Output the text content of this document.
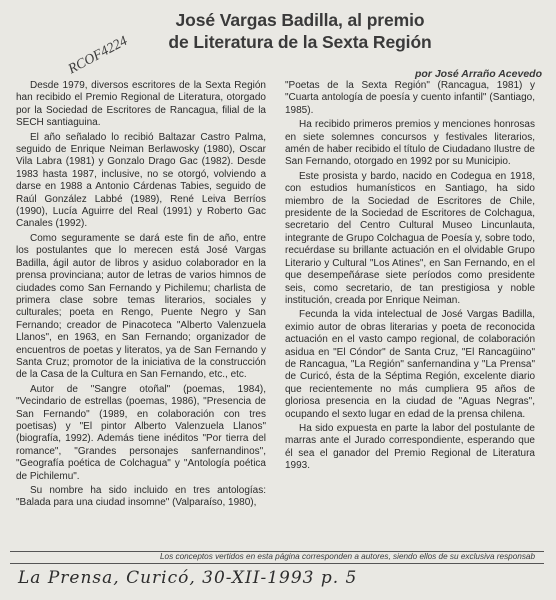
José Vargas Badilla, al premio
de Literatura de la Sexta Región
RCOF4224	por José Arraño Acevedo

Desde 1979, diversos escritores de la Sexta Región han recibido el Premio Regional de Literatura, otorgado por la Sociedad de Escritores de Rancagua, filial de la SECH santiaguina.

El año señalado lo recibió Baltazar Castro Palma, seguido de Enrique Neiman Berlawosky (1980), Oscar Vila Labra (1981) y Gonzalo Drago Gac (1982). Desde 1983 hasta 1987, inclusive, no se otorgó, volviendo a darse en 1988 a Antonio Cárdenas Tabies, seguido de Raúl González Labbé (1989), René Leiva Berríos (1990), Lucía Aguirre del Real (1991) y Roberto Gac Canales (1992).

Como seguramente se dará este fin de año, entre los postulantes que lo merecen está José Vargas Badilla, ágil autor de libros y asiduo colaborador en la prensa provinciana; autor de letras de varios himnos de ciudades como San Fernando y Pichilemu; charlista de primera clase sobre temas literarios, sociales y culturales; poeta en Rengo, Puente Negro y San Fernando; creador de Pinacoteca "Alberto Valenzuela Llanos", en 1963, en San Fernando; organizador de encuentros de poetas y literatos, ya de San Fernando y Santa Cruz; promotor de la iniciativa de la construcción de la Casa de la Cultura en San Fernando, etc., etc.

Autor de "Sangre otoñal" (poemas, 1984), "Vecindario de estrellas (poemas, 1986), "Presencia de San Fernando" (1989, en colaboración con tres poetisas) y "El pintor Alberto Valenzuela Llanos" (biografía, 1992). Además tiene inéditos "Por tierra del romance", "Grandes personajes sanfernandinos", "Geografía poética de Colchagua" y "Antología poética de Pichilemu".

Su nombre ha sido incluido en tres antologías: "Balada para una ciudad insomne" (Valparaíso, 1980),

"Poetas de la Sexta Región" (Rancagua, 1981) y "Cuarta antología de poesía y cuento infantil" (Santiago, 1985).

Ha recibido primeros premios y menciones honrosas en siete solemnes concursos y festivales literarios, amén de haber recibido el título de Ciudadano Ilustre de San Fernando, otorgado en 1992 por su Municipio.

Este prosista y bardo, nacido en Codegua en 1918, con estudios humanísticos en Santiago, ha sido miembro de la Sociedad de Escritores de Chile, presidente de la Sociedad de Escritores de Colchagua, secretario del Centro Cultural Museo Lincunlauta, integrante de Grupo Colchagua de Poesía y, sobre todo, recuérdase su brillante actuación en el olvidable Grupo Literario y Cultural "Los Atines", en San Fernando, en el que desempeñárase siete períodos como presidente seis, como secretario, de tan prestigiosa y noble institución, creada por Enrique Neiman.

Fecunda la vida intelectual de José Vargas Badilla, eximio autor de obras literarias y poeta de reconocida actuación en el vasto campo regional, de colaboración asidua en "El Cóndor" de Santa Cruz, "El Rancagüino" de Rancagua, "La Región" sanfernandina y "La Prensa" de Curicó, ésta de la Séptima Región, excelente diario que recientemente no más cumpliera 95 años de gloriosa presencia en la ciudad de "Aguas Negras", ocupando el sexto lugar en edad de la prensa chilena.

Ha sido expuesta en parte la labor del postulante de marras ante el Jurado correspondiente, esperando que él sea el ganador del Premio Regional de Literatura 1993.

Los conceptos vertidos en esta página corresponden a autores, siendo ellos de su exclusiva responsab
La Prensa, Curicó, 30-XII-1993 p. 5
